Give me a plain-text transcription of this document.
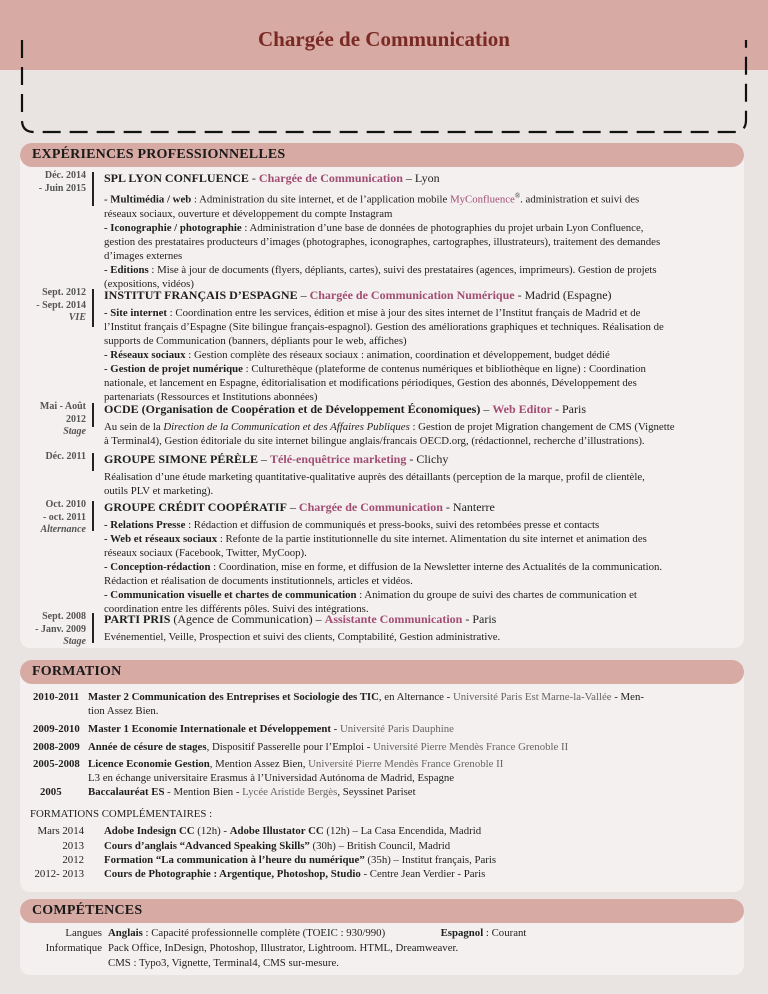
Chargée de Communication
EXPÉRIENCES PROFESSIONNELLES
Déc. 2014
- Juin 2015
SPL LYON CONFLUENCE - Chargée de Communication – Lyon

- Multimédia / web : Administration du site internet, et de l’application mobile MyConfluence®. administration et suivi des

réseaux sociaux, ouverture et développement du compte Instagram

- Iconographie / photographie : Administration d’une base de données de photographies du projet urbain Lyon Confluence,

gestion des prestataires producteurs d’images (photographes, iconographes, cartographes, illustrateurs), traitement des demandes

d’images externes

- Editions : Mise à jour de documents (flyers, dépliants, cartes), suivi des prestataires (agences, imprimeurs). Gestion de projets

(expositions, vidéos)

Sept. 2012
- Sept. 2014
VIE
INSTITUT FRANÇAIS D’ESPAGNE – Chargée de Communication Numérique - Madrid (Espagne)

- Site internet : Coordination entre les services, édition et mise à jour des sites internet de l’Institut français de Madrid et de

l’Institut français d’Espagne (Site bilingue français-espagnol). Gestion des améliorations graphiques et techniques. Réalisation de

supports de Communication (banners, dépliants pour le web, affiches)

- Réseaux sociaux : Gestion complète des réseaux sociaux : animation, coordination et développement, budget dédié

- Gestion de projet numérique : Culturethèque (plateforme de contenus numériques et bibliothèque en ligne) : Coordination

nationale, et lancement en Espagne, éditorialisation et modifications périodiques, Gestion des abonnés, Développement des

partenariats (Ressources et Institutions abonnées)

Mai - Août
2012
Stage
OCDE (Organisation de Coopération et de Développement Économiques) – Web Editor - Paris

Au sein de la Direction de la Communication et des Affaires Publiques : Gestion de projet Migration changement de CMS (Vignette

à Terminal4), Gestion éditoriale du site internet bilingue anglais/francais OECD.org, (rédactionnel, recherche d’illustrations).

Déc. 2011 GROUPE SIMONE PÉRÈLE – Télé-enquêtrice marketing - Clichy

Réalisation d’une étude marketing quantitative-qualitative auprès des détaillants (perception de la marque, profil de clientèle,

outils PLV et marketing).

Oct. 2010
- oct. 2011
Alternance
GROUPE CRÉDIT COOPÉRATIF – Chargée de Communication - Nanterre

- Relations Presse : Rédaction et diffusion de communiqués et press-books, suivi des retombées presse et contacts

- Web et réseaux sociaux : Refonte de la partie institutionnelle du site internet. Alimentation du site internet et animation des

réseaux sociaux (Facebook, Twitter, MyCoop).

- Conception-rédaction : Coordination, mise en forme, et diffusion de la Newsletter interne des Actualités de la communication.

Rédaction et réalisation de documents institutionnels, articles et vidéos.

- Communication visuelle et chartes de communication : Animation du groupe de suivi des chartes de communication et

coordination entre les différents pôles. Suivi des intégrations.

Sept. 2008
- Janv. 2009
Stage
PARTI PRIS (Agence de Communication) – Assistante Communication - Paris

Evénementiel, Veille, Prospection et suivi des clients, Comptabilité, Gestion administrative.

FORMATION
2010-2011 Master 2 Communication des Entreprises et Sociologie des TIC, en Alternance - Université Paris Est Marne-la-Vallée - Men-
tion Assez Bien.
2009-2010 Master 1 Economie Internationale et Développement - Université Paris Dauphine
2008-2009 Année de césure de stages, Dispositif Passerelle pour l’Emploi - Université Pierre Mendès France Grenoble II
2005-2008 Licence Economie Gestion, Mention Assez Bien, Université Pierre Mendès France Grenoble II
L3 en échange universitaire Erasmus à l’Universidad Autónoma de Madrid, Espagne
2005	Baccalauréat ES - Mention Bien - Lycée Aristide Bergès, Seyssinet Pariset
FORMATIONS COMPLÉMENTAIRES :
Mars 2014 Adobe Indesign CC (12h) - Adobe Illustator CC (12h) – La Casa Encendida, Madrid
2013 Cours d’anglais “Advanced Speaking Skills” (30h) – British Council, Madrid
2012 Formation “La communication à l’heure du numérique” (35h) – Institut français, Paris
2012- 2013 Cours de Photographie : Argentique, Photoshop, Studio - Centre Jean Verdier - Paris
COMPÉTENCES
Langues Anglais : Capacité professionnelle complète (TOEIC : 930/990)	Espagnol : Courant
Informatique Pack Office, InDesign, Photoshop, Illustrator, Lightroom. HTML, Dreamweaver.
CMS : Typo3, Vignette, Terminal4, CMS sur-mesure.
